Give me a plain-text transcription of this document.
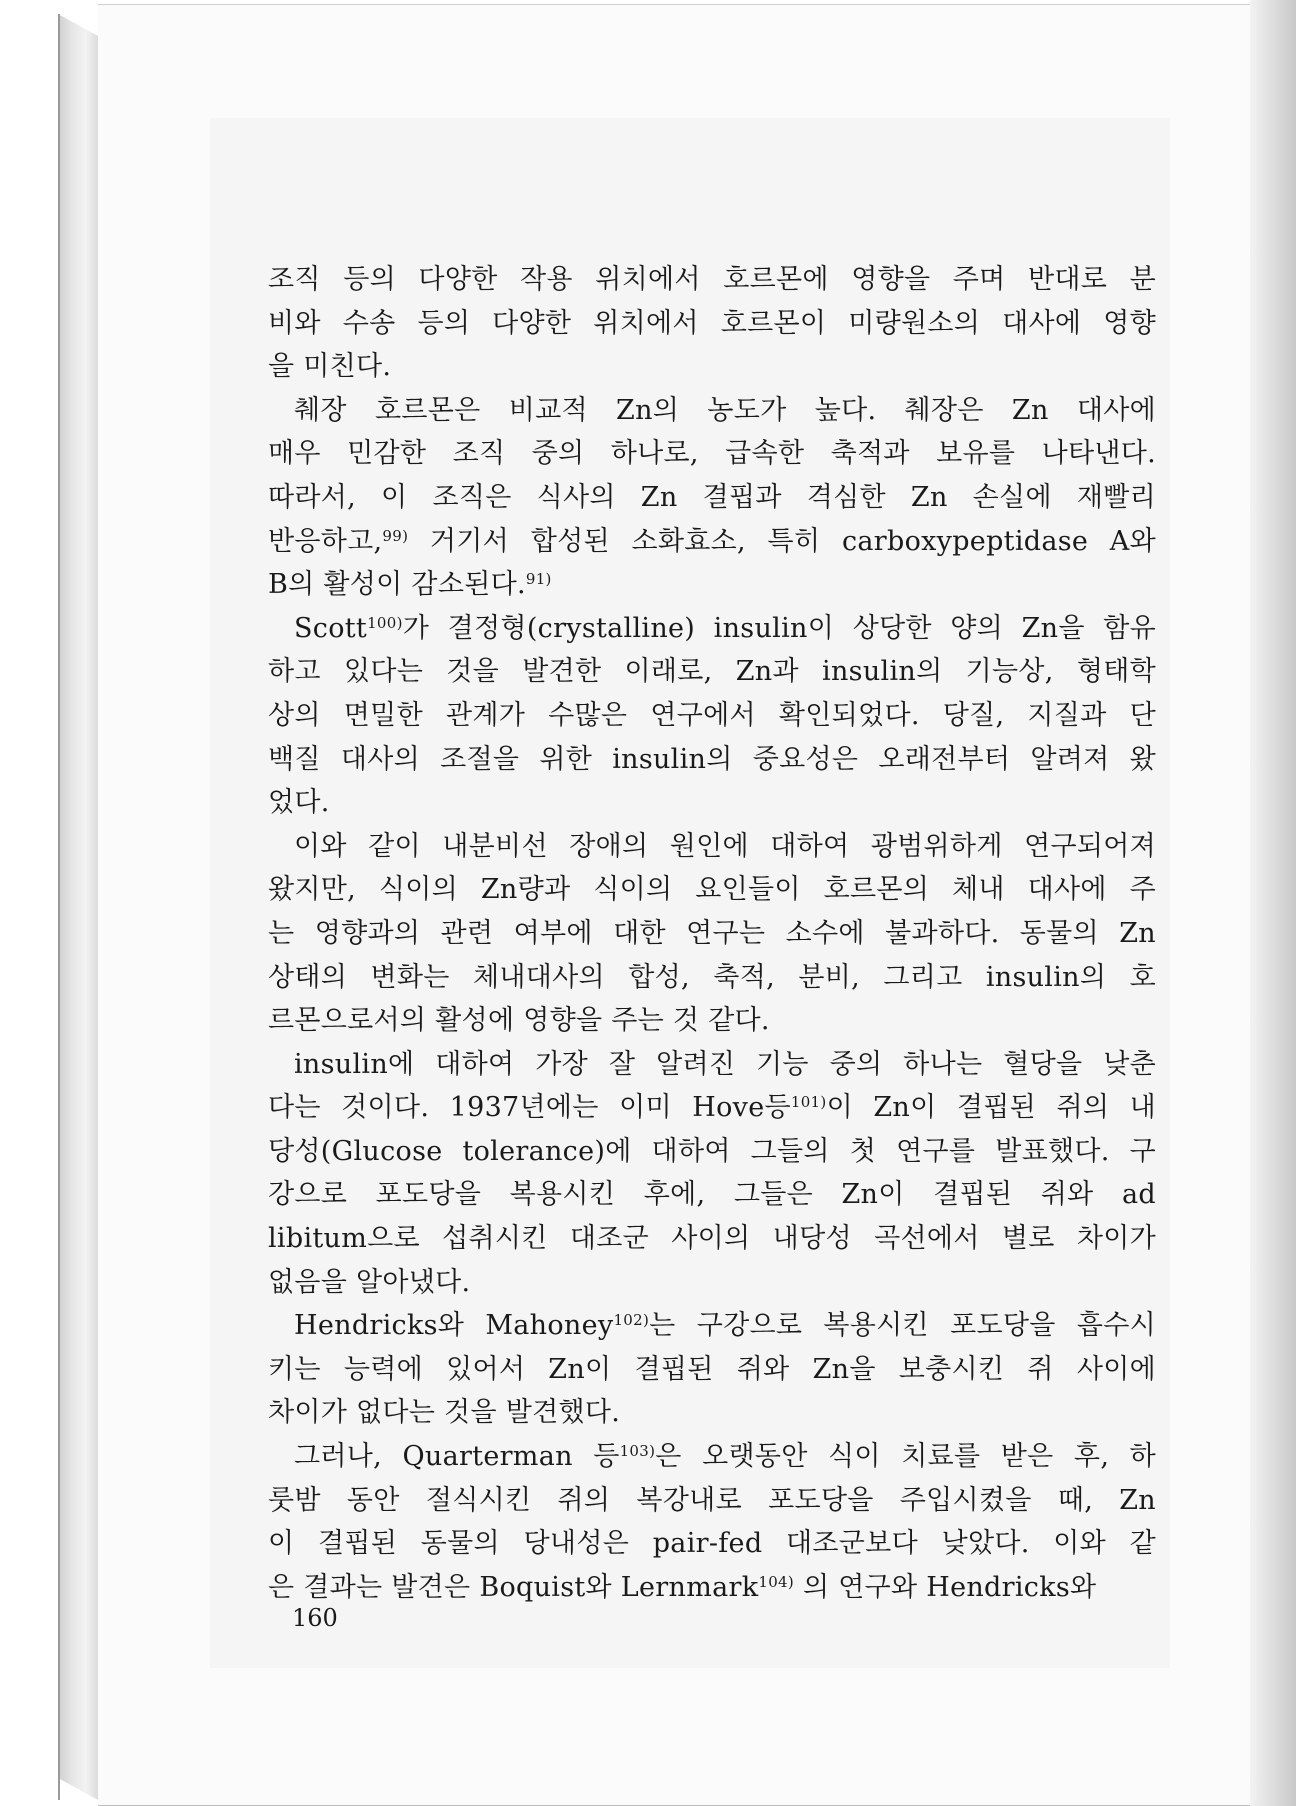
조직 등의 다양한 작용 위치에서 호르몬에 영향을 주며 반대로 분
비와 수송 등의 다양한 위치에서 호르몬이 미량원소의 대사에 영향
을 미친다.
췌장 호르몬은 비교적 Zn의 농도가 높다. 췌장은 Zn 대사에
매우 민감한 조직 중의 하나로, 급속한 축적과 보유를 나타낸다.
따라서, 이 조직은 식사의 Zn 결핍과 격심한 Zn 손실에 재빨리
반응하고,$^{99)}$ 거기서 합성된 소화효소, 특히 carboxypeptidase A와
B의 활성이 감소된다.$^{91)}$
Scott$^{100)}$가 결정형(crystalline) insulin이 상당한 양의 Zn을 함유
하고 있다는 것을 발견한 이래로, Zn과 insulin의 기능상, 형태학
상의 면밀한 관계가 수많은 연구에서 확인되었다. 당질, 지질과 단
백질 대사의 조절을 위한 insulin의 중요성은 오래전부터 알려져 왔
었다.
이와 같이 내분비선 장애의 원인에 대하여 광범위하게 연구되어져
왔지만, 식이의 Zn량과 식이의 요인들이 호르몬의 체내 대사에 주
는 영향과의 관련 여부에 대한 연구는 소수에 불과하다. 동물의 Zn
상태의 변화는 체내대사의 합성, 축적, 분비, 그리고 insulin의 호
르몬으로서의 활성에 영향을 주는 것 같다.
insulin에 대하여 가장 잘 알려진 기능 중의 하나는 혈당을 낮춘
다는 것이다. 1937년에는 이미 Hove등$^{101)}$이 Zn이 결핍된 쥐의 내
당성(Glucose tolerance)에 대하여 그들의 첫 연구를 발표했다. 구
강으로 포도당을 복용시킨 후에, 그들은 Zn이 결핍된 쥐와 ad
libitum으로 섭취시킨 대조군 사이의 내당성 곡선에서 별로 차이가
없음을 알아냈다.
Hendricks와 Mahoney$^{102)}$는 구강으로 복용시킨 포도당을 흡수시
키는 능력에 있어서 Zn이 결핍된 쥐와 Zn을 보충시킨 쥐 사이에
차이가 없다는 것을 발견했다.
그러나, Quarterman 등$^{103)}$은 오랫동안 식이 치료를 받은 후, 하
룻밤 동안 절식시킨 쥐의 복강내로 포도당을 주입시켰을 때, Zn
이 결핍된 동물의 당내성은 pair-fed 대조군보다 낮았다. 이와 같
은 결과는 발견은 Boquist와 Lernmark$^{104)}$ 의 연구와 Hendricks와
160
